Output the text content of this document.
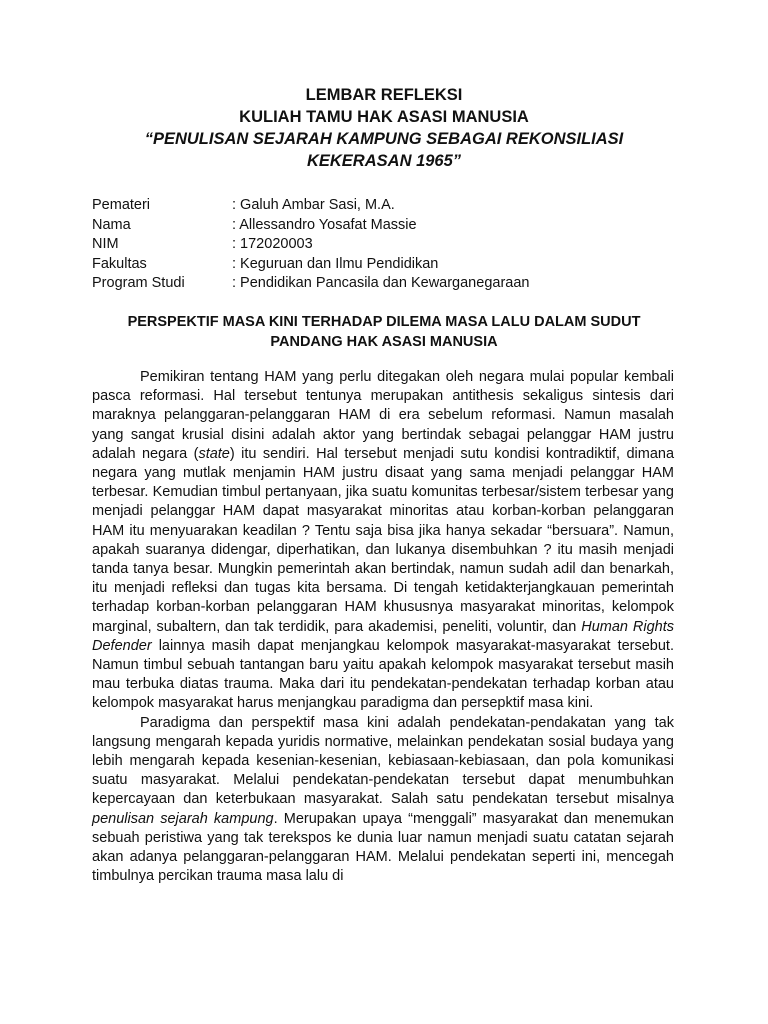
LEMBAR REFLEKSI
KULIAH TAMU HAK ASASI MANUSIA
“PENULISAN SEJARAH KAMPUNG SEBAGAI REKONSILIASI
KEKERASAN 1965”
Pemateri	: Galuh Ambar Sasi, M.A.
Nama	: Allessandro Yosafat Massie
NIM	: 172020003
Fakultas	: Keguruan dan Ilmu Pendidikan
Program Studi	: Pendidikan Pancasila dan Kewarganegaraan
PERSPEKTIF MASA KINI TERHADAP DILEMA MASA LALU DALAM SUDUT
PANDANG HAK ASASI MANUSIA

Pemikiran tentang HAM yang perlu ditegakan oleh negara mulai popular kembali pasca reformasi. Hal tersebut tentunya merupakan antithesis sekaligus sintesis dari maraknya pelanggaran-pelanggaran HAM di era sebelum reformasi. Namun masalah yang sangat krusial disini adalah aktor yang bertindak sebagai pelanggar HAM justru adalah negara (state) itu sendiri. Hal tersebut menjadi sutu kondisi kontradiktif, dimana negara yang mutlak menjamin HAM justru disaat yang sama menjadi pelanggar HAM terbesar. Kemudian timbul pertanyaan, jika suatu komunitas terbesar/sistem terbesar yang menjadi pelanggar HAM dapat masyarakat minoritas atau korban-korban pelanggaran HAM itu menyuarakan keadilan ? Tentu saja bisa jika hanya sekadar “bersuara”. Namun, apakah suaranya didengar, diperhatikan, dan lukanya disembuhkan ? itu masih menjadi tanda tanya besar. Mungkin pemerintah akan bertindak, namun sudah adil dan benarkah, itu menjadi refleksi dan tugas kita bersama. Di tengah ketidakterjangkauan pemerintah terhadap korban-korban pelanggaran HAM khususnya masyarakat minoritas, kelompok marginal, subaltern, dan tak terdidik, para akademisi, peneliti, voluntir, dan Human Rights Defender lainnya masih dapat menjangkau kelompok masyarakat-masyarakat tersebut. Namun timbul sebuah tantangan baru yaitu apakah kelompok masyarakat tersebut masih mau terbuka diatas trauma. Maka dari itu pendekatan-pendekatan terhadap korban atau kelompok masyarakat harus menjangkau paradigma dan persepktif masa kini.

Paradigma dan perspektif masa kini adalah pendekatan-pendakatan yang tak langsung mengarah kepada yuridis normative, melainkan pendekatan sosial budaya yang lebih mengarah kepada kesenian-kesenian, kebiasaan-kebiasaan, dan pola komunikasi suatu masyarakat. Melalui pendekatan-pendekatan tersebut dapat menumbuhkan kepercayaan dan keterbukaan masyarakat. Salah satu pendekatan tersebut misalnya penulisan sejarah kampung. Merupakan upaya “menggali” masyarakat dan menemukan sebuah peristiwa yang tak terekspos ke dunia luar namun menjadi suatu catatan sejarah akan adanya pelanggaran-pelanggaran HAM. Melalui pendekatan seperti ini, mencegah timbulnya percikan trauma masa lalu di
